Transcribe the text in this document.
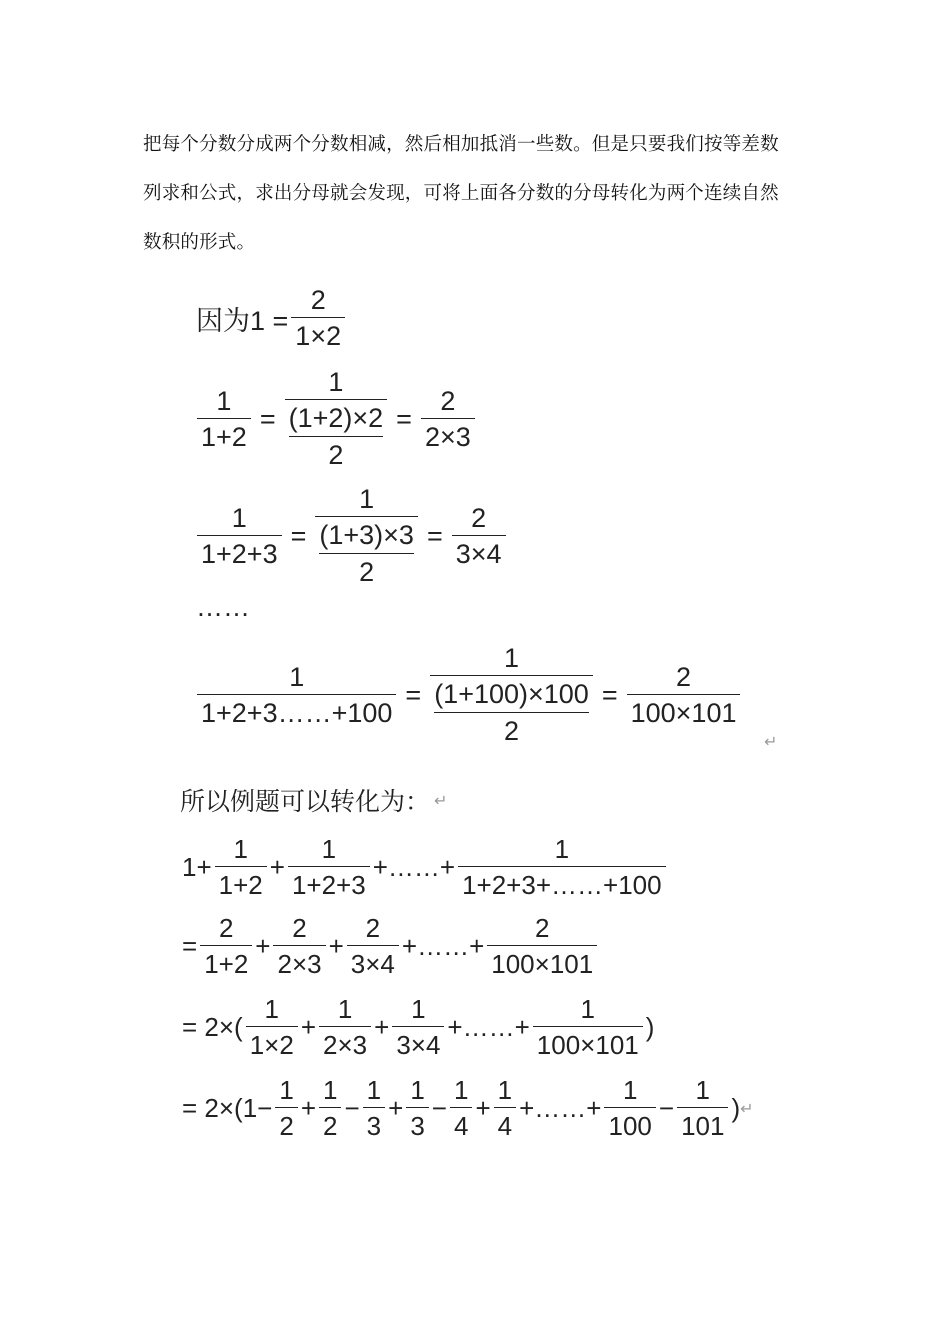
把每个分数分成两个分数相减，然后相加抵消一些数。但是只要我们按等差数
列求和公式，求出分母就会发现，可将上面各分数的分母转化为两个连续自然
数积的形式。
因为$1 = \frac{2}{1\times 2}$
$\frac{1}{1+2} = \frac{1}{\frac{(1+2)\times 2}{2}} = \frac{2}{2\times 3}$
$\frac{1}{1+2+3} = \frac{1}{\frac{(1+3)\times 3}{2}} = \frac{2}{3\times 4}$
……
$\frac{1}{1+2+3\dots\dots+100} = \frac{1}{\frac{(1+100)\times 100}{2}} = \frac{2}{100\times 101}$
↵
所以例题可以转化为： ↵
$1+ \frac{1}{1+2} + \frac{1}{1+2+3}$ +……+ $\frac{1}{1+2+3+\dots\dots+100}$
= $\frac{2}{1+2} + \frac{2}{2\times 3} + \frac{2}{3\times 4}$ +……+ $\frac{2}{100\times 101}$
= $2\times( \frac{1}{1\times 2} + \frac{1}{2\times 3} + \frac{1}{3\times 4}$ +……+ $\frac{1}{100\times 101}$ )
= $2\times(1- \frac{1}{2} + \frac{1}{2} - \frac{1}{3} + \frac{1}{3} - \frac{1}{4} + \frac{1}{4}$ +……+ $\frac{1}{100} - \frac{1}{101}$ ) ↵
